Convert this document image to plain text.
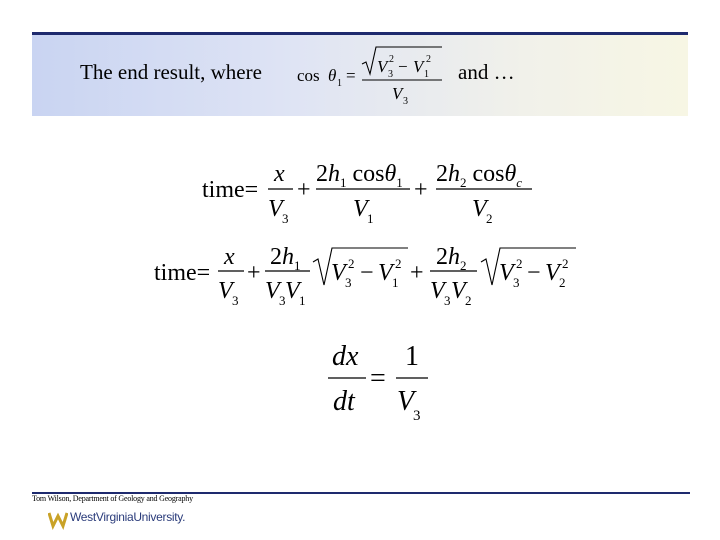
The end result, where	and …
cos θ 1 = V 3
2 − V 1
2
V 3
time=
x
V 3
+
$2h_1$ cosθ$_1$
V 1
+
$2h_2$ cosθ$_c$
V 2
time=
x
V 3
+
$2h_1$
V 3 V 1
V 3
2 − V 1
2 +
$2h_2$
V 3 V 2
V 3
2 − V 2
2
dx
dt
=
1
V
3
Tom Wilson, Department of Geology and Geography
WestVirginiaUniversity.
